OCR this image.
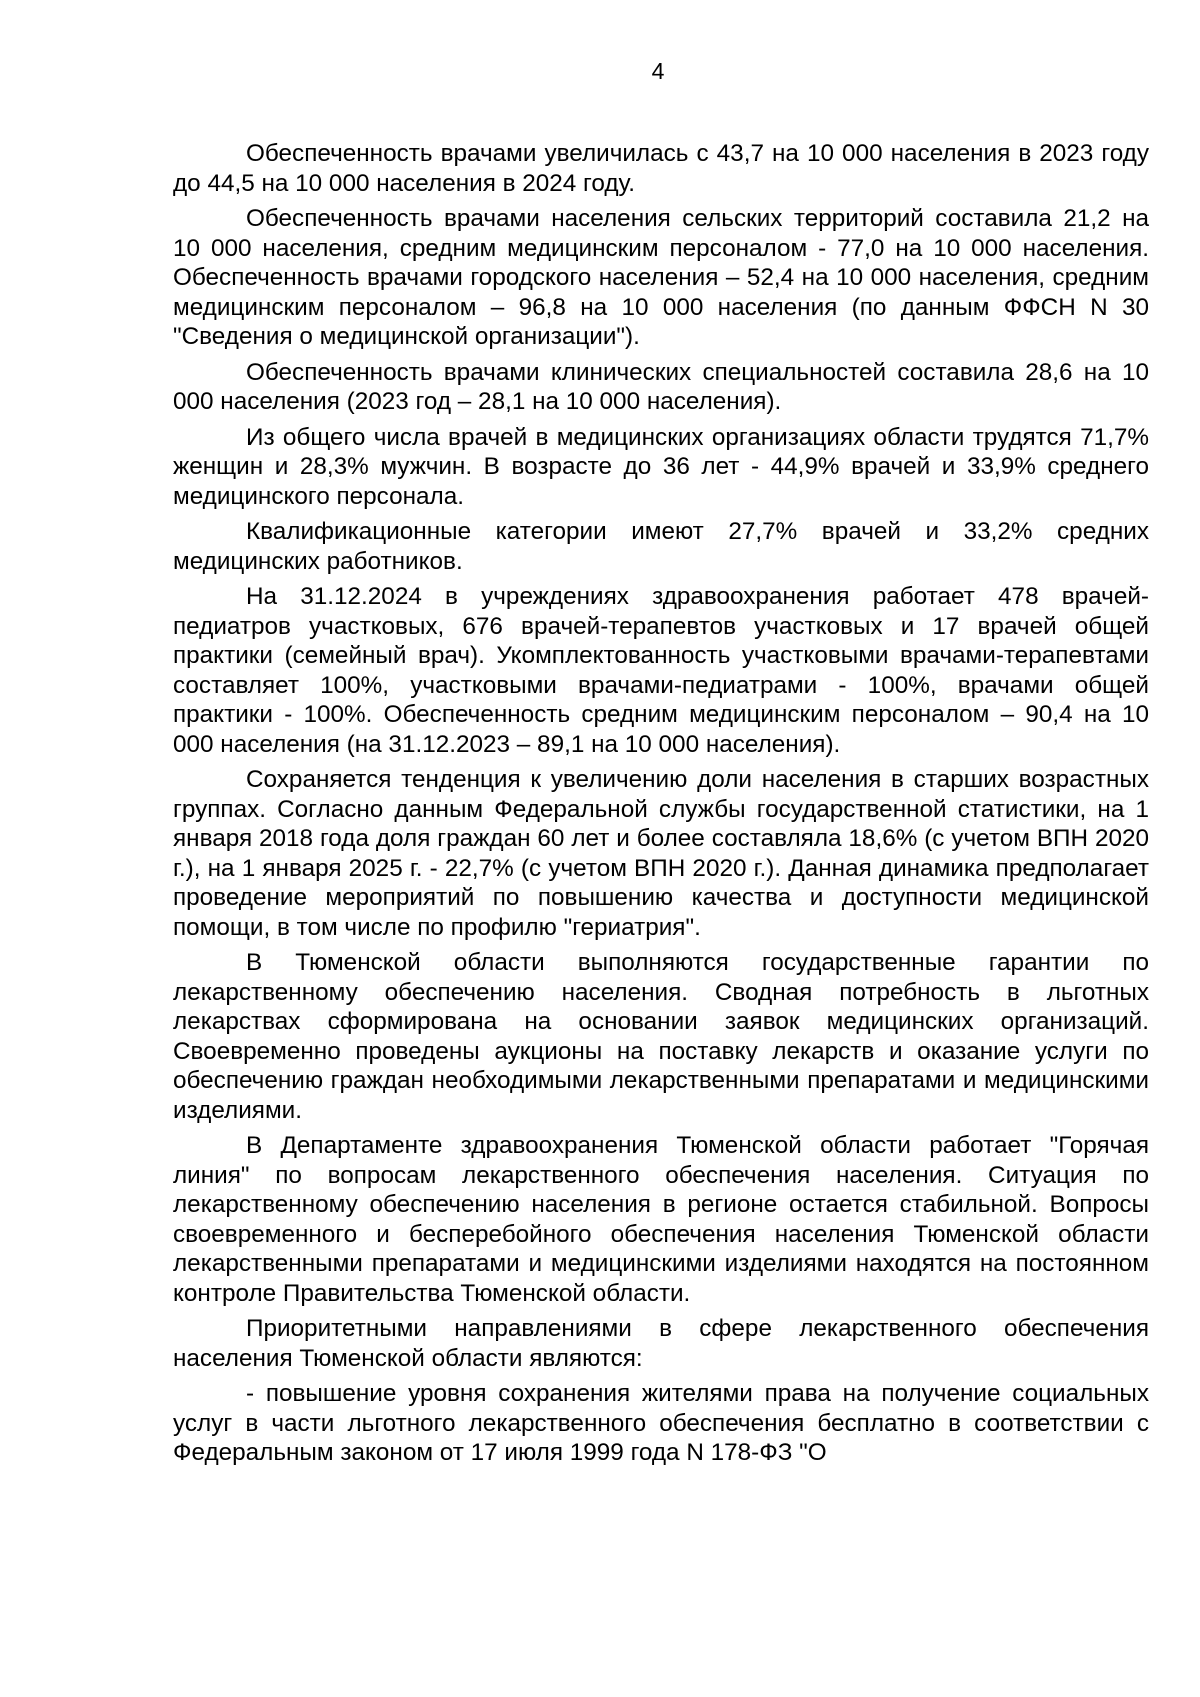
4

Обеспеченность врачами увеличилась с 43,7 на 10 000 населения в 2023 году до 44,5 на 10 000 населения в 2024 году.

Обеспеченность врачами населения сельских территорий составила 21,2 на 10 000 населения, средним медицинским персоналом - 77,0 на 10 000 населения. Обеспеченность врачами городского населения – 52,4 на 10 000 населения, средним медицинским персоналом – 96,8 на 10 000 населения (по данным ФФСН N 30 "Сведения о медицинской организации").

Обеспеченность врачами клинических специальностей составила 28,6 на 10 000 населения (2023 год – 28,1 на 10 000 населения).

Из общего числа врачей в медицинских организациях области трудятся 71,7% женщин и 28,3% мужчин. В возрасте до 36 лет - 44,9% врачей и 33,9% среднего медицинского персонала.

Квалификационные категории имеют 27,7% врачей и 33,2% средних медицинских работников.

На 31.12.2024 в учреждениях здравоохранения работает 478 врачей-педиатров участковых, 676 врачей-терапевтов участковых и 17 врачей общей практики (семейный врач). Укомплектованность участковыми врачами-терапевтами составляет 100%, участковыми врачами-педиатрами - 100%, врачами общей практики - 100%. Обеспеченность средним медицинским персоналом – 90,4 на 10 000 населения (на 31.12.2023 – 89,1 на 10 000 населения).

Сохраняется тенденция к увеличению доли населения в старших возрастных группах. Согласно данным Федеральной службы государственной статистики, на 1 января 2018 года доля граждан 60 лет и более составляла 18,6% (с учетом ВПН 2020 г.), на 1 января 2025 г. - 22,7% (с учетом ВПН 2020 г.). Данная динамика предполагает проведение мероприятий по повышению качества и доступности медицинской помощи, в том числе по профилю "гериатрия".

В Тюменской области выполняются государственные гарантии по лекарственному обеспечению населения. Сводная потребность в льготных лекарствах сформирована на основании заявок медицинских организаций. Своевременно проведены аукционы на поставку лекарств и оказание услуги по обеспечению граждан необходимыми лекарственными препаратами и медицинскими изделиями.

В Департаменте здравоохранения Тюменской области работает "Горячая линия" по вопросам лекарственного обеспечения населения. Ситуация по лекарственному обеспечению населения в регионе остается стабильной. Вопросы своевременного и бесперебойного обеспечения населения Тюменской области лекарственными препаратами и медицинскими изделиями находятся на постоянном контроле Правительства Тюменской области.

Приоритетными направлениями в сфере лекарственного обеспечения населения Тюменской области являются:

- повышение уровня сохранения жителями права на получение социальных услуг в части льготного лекарственного обеспечения бесплатно в соответствии с Федеральным законом от 17 июля 1999 года N 178-ФЗ "О
